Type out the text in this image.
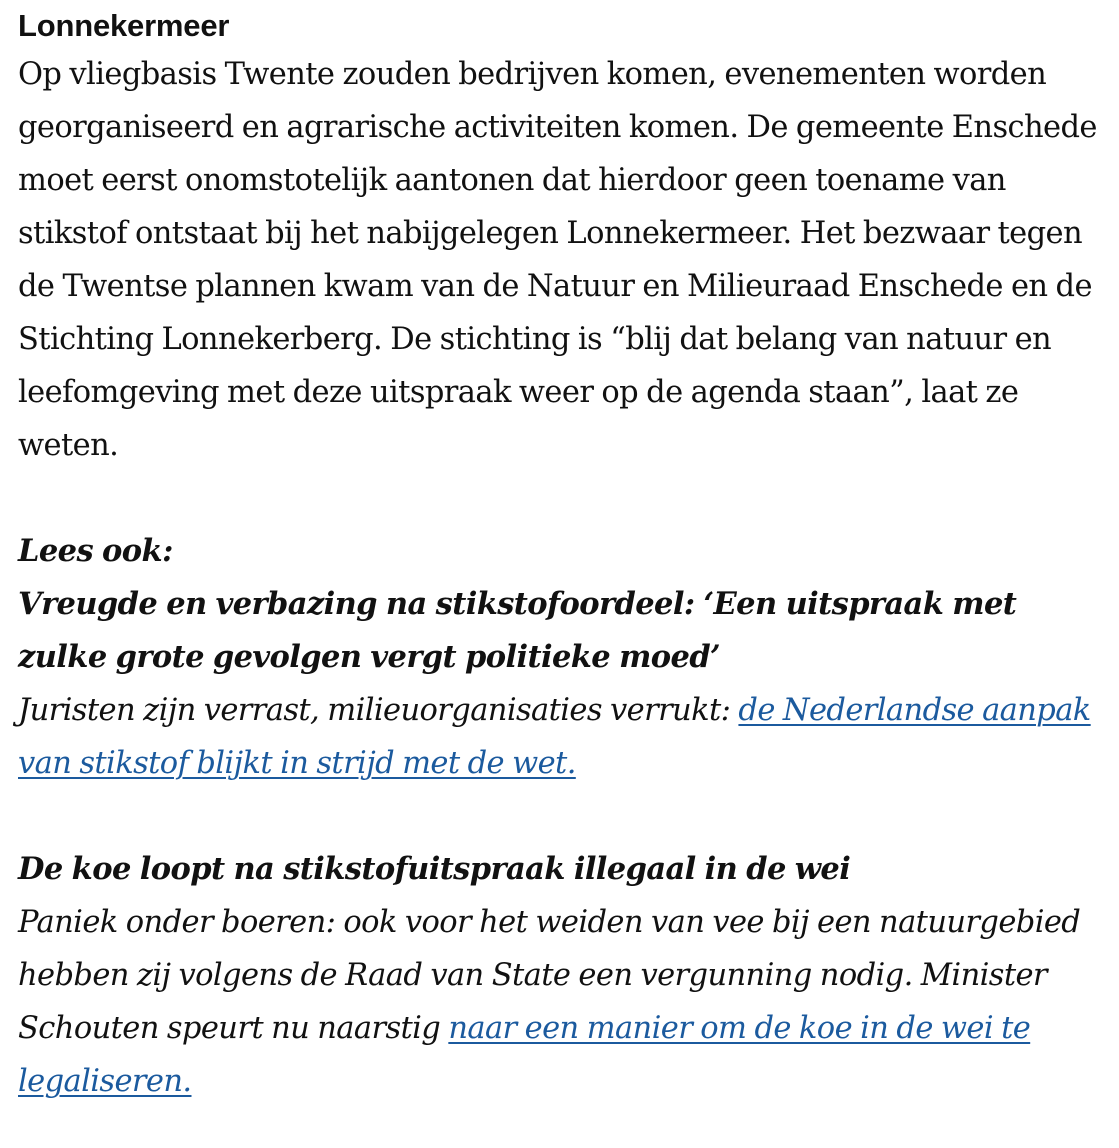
Lonnekermeer

Op vliegbasis Twente zouden bedrijven komen, evenementen worden georganiseerd en agrarische activiteiten komen. De gemeente Enschede moet eerst onomstotelijk aantonen dat hierdoor geen toename van stikstof ontstaat bij het nabijgelegen Lonnekermeer. Het bezwaar tegen de Twentse plannen kwam van de Natuur en Milieuraad Enschede en de Stichting Lonnekerberg. De stichting is “blij dat belang van natuur en leefomgeving met deze uitspraak weer op de agenda staan”, laat ze weten.

Lees ook:

Vreugde en verbazing na stikstofoordeel: ‘Een uitspraak met zulke grote gevolgen vergt politieke moed’

Juristen zijn verrast, milieuorganisaties verrukt: de Nederlandse aanpak van stikstof blijkt in strijd met de wet.

De koe loopt na stikstofuitspraak illegaal in de wei

Paniek onder boeren: ook voor het weiden van vee bij een natuurgebied hebben zij volgens de Raad van State een vergunning nodig. Minister Schouten speurt nu naarstig naar een manier om de koe in de wei te legaliseren.
